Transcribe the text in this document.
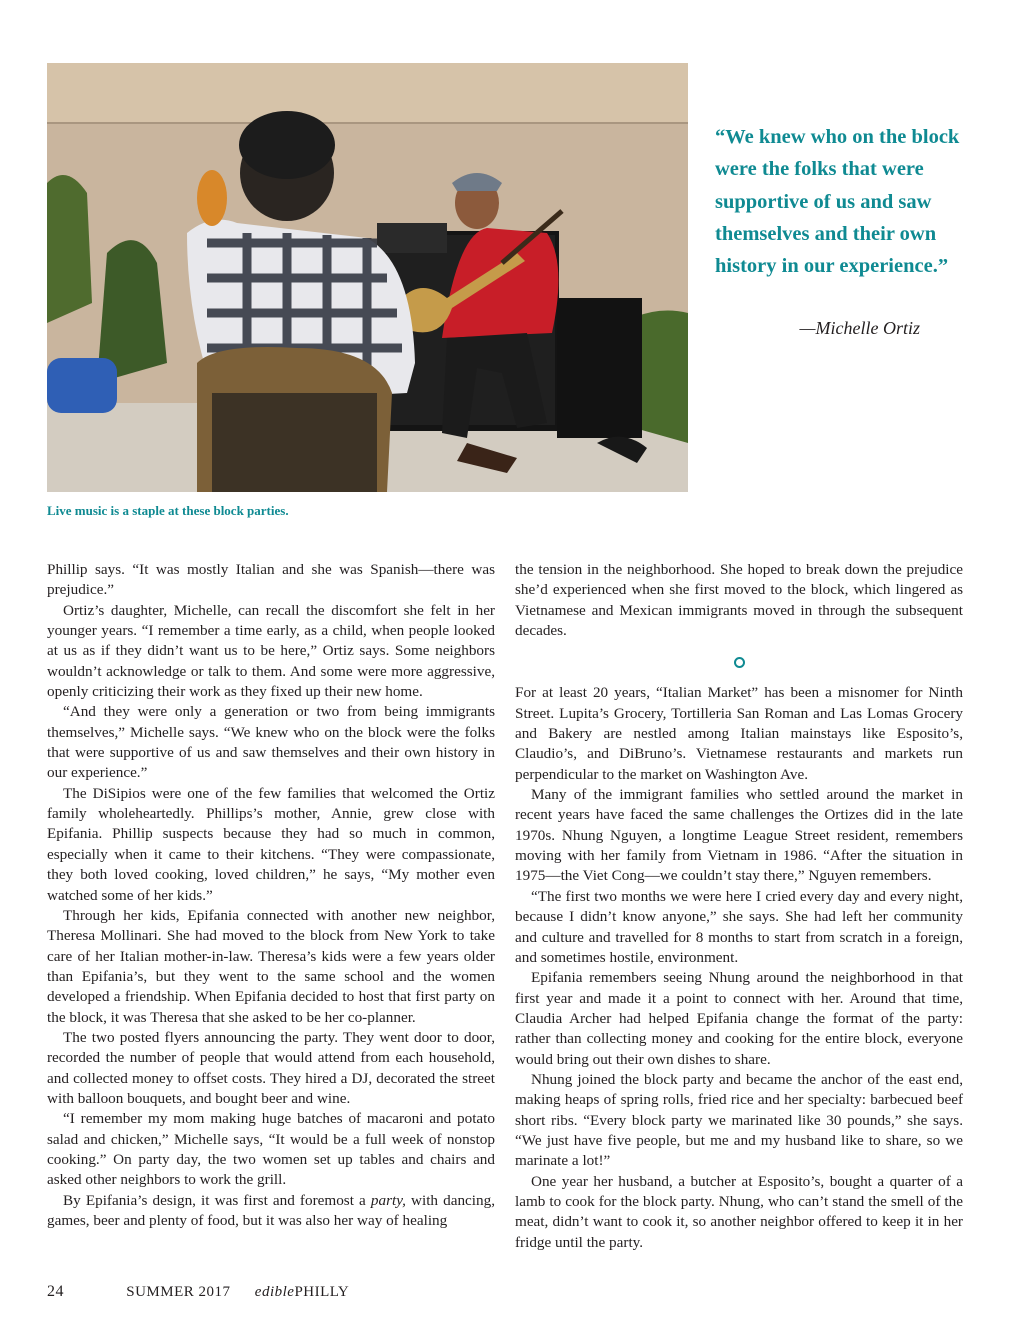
“We knew who on the block were the folks that were supportive of us and saw themselves and their own history in our experience.”
—Michelle Ortiz
Live music is a staple at these block parties.

Phillip says. “It was mostly Italian and she was Spanish—there was prejudice.”

Ortiz’s daughter, Michelle, can recall the discomfort she felt in her younger years. “I remember a time early, as a child, when people looked at us as if they didn’t want us to be here,” Ortiz says. Some neighbors wouldn’t acknowledge or talk to them. And some were more aggressive, openly criticizing their work as they fixed up their new home.

“And they were only a generation or two from being immigrants themselves,” Michelle says. “We knew who on the block were the folks that were supportive of us and saw themselves and their own history in our experience.”

The DiSipios were one of the few families that welcomed the Ortiz family wholeheartedly. Phillips’s mother, Annie, grew close with Epifania. Phillip suspects because they had so much in common, especially when it came to their kitchens. “They were compassionate, they both loved cooking, loved children,” he says, “My mother even watched some of her kids.”

Through her kids, Epifania connected with another new neighbor, Theresa Mollinari. She had moved to the block from New York to take care of her Italian mother-in-law. Theresa’s kids were a few years older than Epifania’s, but they went to the same school and the women developed a friendship. When Epifania decided to host that first party on the block, it was Theresa that she asked to be her co-planner.

The two posted flyers announcing the party. They went door to door, recorded the number of people that would attend from each household, and collected money to offset costs. They hired a DJ, decorated the street with balloon bouquets, and bought beer and wine.

“I remember my mom making huge batches of macaroni and potato salad and chicken,” Michelle says, “It would be a full week of nonstop cooking.” On party day, the two women set up tables and chairs and asked other neighbors to work the grill.

By Epifania’s design, it was first and foremost a party, with dancing, games, beer and plenty of food, but it was also her way of healing

the tension in the neighborhood. She hoped to break down the prejudice she’d experienced when she first moved to the block, which lingered as Vietnamese and Mexican immigrants moved in through the subsequent decades.

For at least 20 years, “Italian Market” has been a misnomer for Ninth Street. Lupita’s Grocery, Tortilleria San Roman and Las Lomas Grocery and Bakery are nestled among Italian mainstays like Esposito’s, Claudio’s, and DiBruno’s. Vietnamese restaurants and markets run perpendicular to the market on Washington Ave.

Many of the immigrant families who settled around the market in recent years have faced the same challenges the Ortizes did in the late 1970s. Nhung Nguyen, a longtime League Street resident, remembers moving with her family from Vietnam in 1986. “After the situation in 1975—the Viet Cong—we couldn’t stay there,” Nguyen remembers.

“The first two months we were here I cried every day and every night, because I didn’t know anyone,” she says. She had left her community and culture and travelled for 8 months to start from scratch in a foreign, and sometimes hostile, environment.

Epifania remembers seeing Nhung around the neighborhood in that first year and made it a point to connect with her. Around that time, Claudia Archer had helped Epifania change the format of the party: rather than collecting money and cooking for the entire block, everyone would bring out their own dishes to share.

Nhung joined the block party and became the anchor of the east end, making heaps of spring rolls, fried rice and her specialty: barbecued beef short ribs. “Every block party we marinated like 30 pounds,” she says. “We just have five people, but me and my husband like to share, so we marinate a lot!”

One year her husband, a butcher at Esposito’s, bought a quarter of a lamb to cook for the block party. Nhung, who can’t stand the smell of the meat, didn’t want to cook it, so another neighbor offered to keep it in her fridge until the party.

24	SUMMER 2017 ediblePHILLY
